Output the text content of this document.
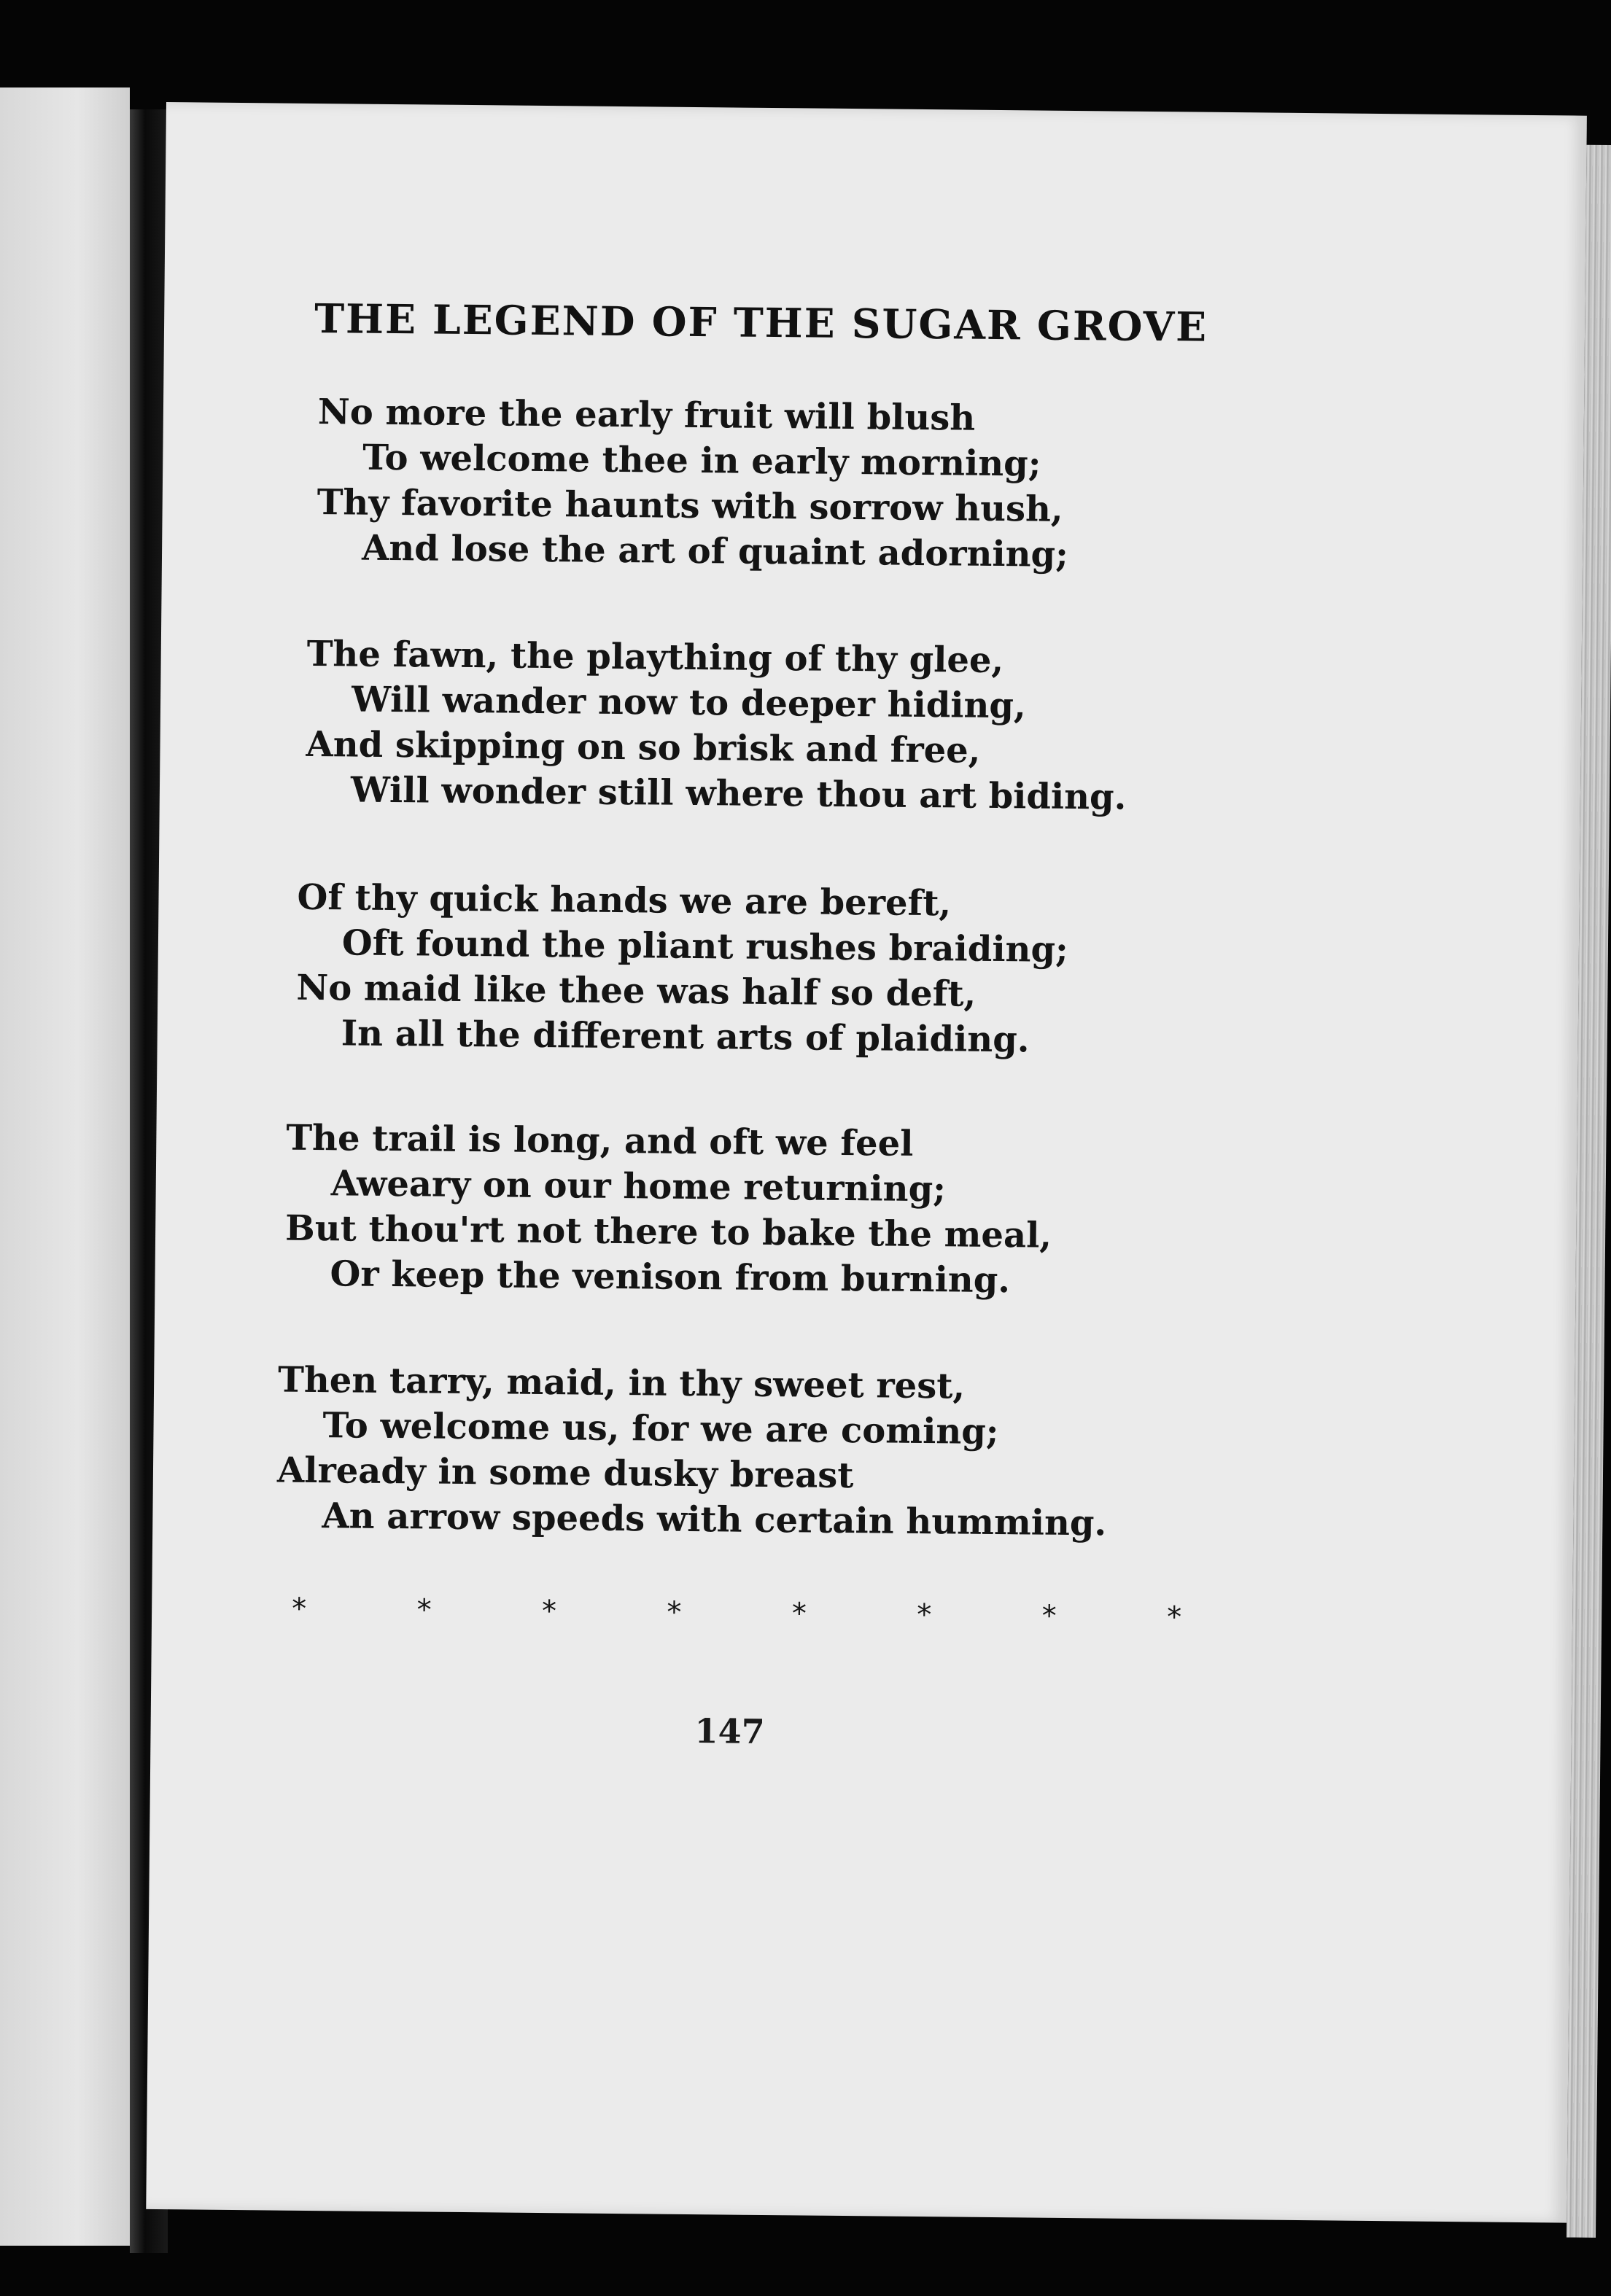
THE LEGEND OF THE SUGAR GROVE
No more the early fruit will blush
To welcome thee in early morning;
Thy favorite haunts with sorrow hush,
And lose the art of quaint adorning;
The fawn, the plaything of thy glee,
Will wander now to deeper hiding,
And skipping on so brisk and free,
Will wonder still where thou art biding.
Of thy quick hands we are bereft,
Oft found the pliant rushes braiding;
No maid like thee was half so deft,
In all the different arts of plaiding.
The trail is long, and oft we feel
Aweary on our home returning;
But thou'rt not there to bake the meal,
Or keep the venison from burning.
Then tarry, maid, in thy sweet rest,
To welcome us, for we are coming;
Already in some dusky breast
An arrow speeds with certain humming.
*	*	*	*	*	*	*	*
147
